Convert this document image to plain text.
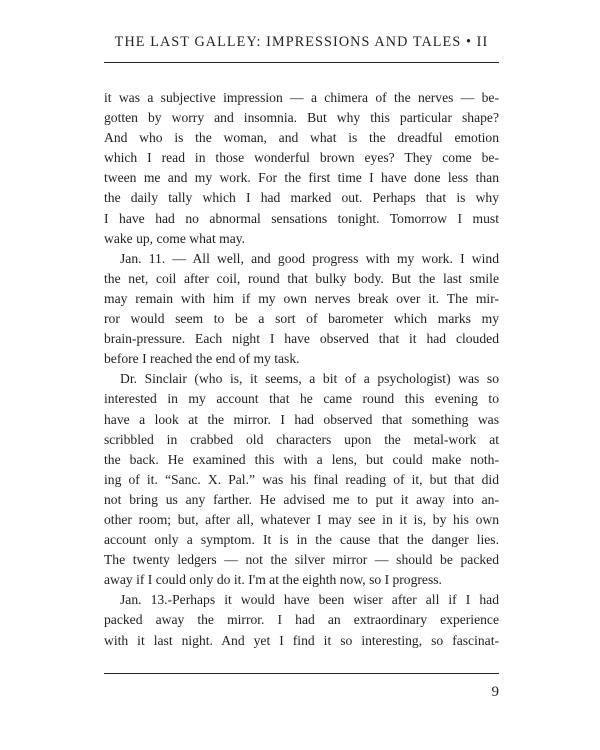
THE LAST GALLEY: IMPRESSIONS AND TALES • II
it was a subjective impression — a chimera of the nerves — be-
gotten by worry and insomnia. But why this particular shape?
And who is the woman, and what is the dreadful emotion
which I read in those wonderful brown eyes? They come be-
tween me and my work. For the first time I have done less than
the daily tally which I had marked out. Perhaps that is why
I have had no abnormal sensations tonight. Tomorrow I must
wake up, come what may.
Jan. 11. — All well, and good progress with my work. I wind
the net, coil after coil, round that bulky body. But the last smile
may remain with him if my own nerves break over it. The mir-
ror would seem to be a sort of barometer which marks my
brain-pressure. Each night I have observed that it had clouded
before I reached the end of my task.
Dr. Sinclair (who is, it seems, a bit of a psychologist) was so
interested in my account that he came round this evening to
have a look at the mirror. I had observed that something was
scribbled in crabbed old characters upon the metal-work at
the back. He examined this with a lens, but could make noth-
ing of it. “Sanc. X. Pal.” was his final reading of it, but that did
not bring us any farther. He advised me to put it away into an-
other room; but, after all, whatever I may see in it is, by his own
account only a symptom. It is in the cause that the danger lies.
The twenty ledgers — not the silver mirror — should be packed
away if I could only do it. I'm at the eighth now, so I progress.
Jan. 13.-Perhaps it would have been wiser after all if I had
packed away the mirror. I had an extraordinary experience
with it last night. And yet I find it so interesting, so fascinat-
9
